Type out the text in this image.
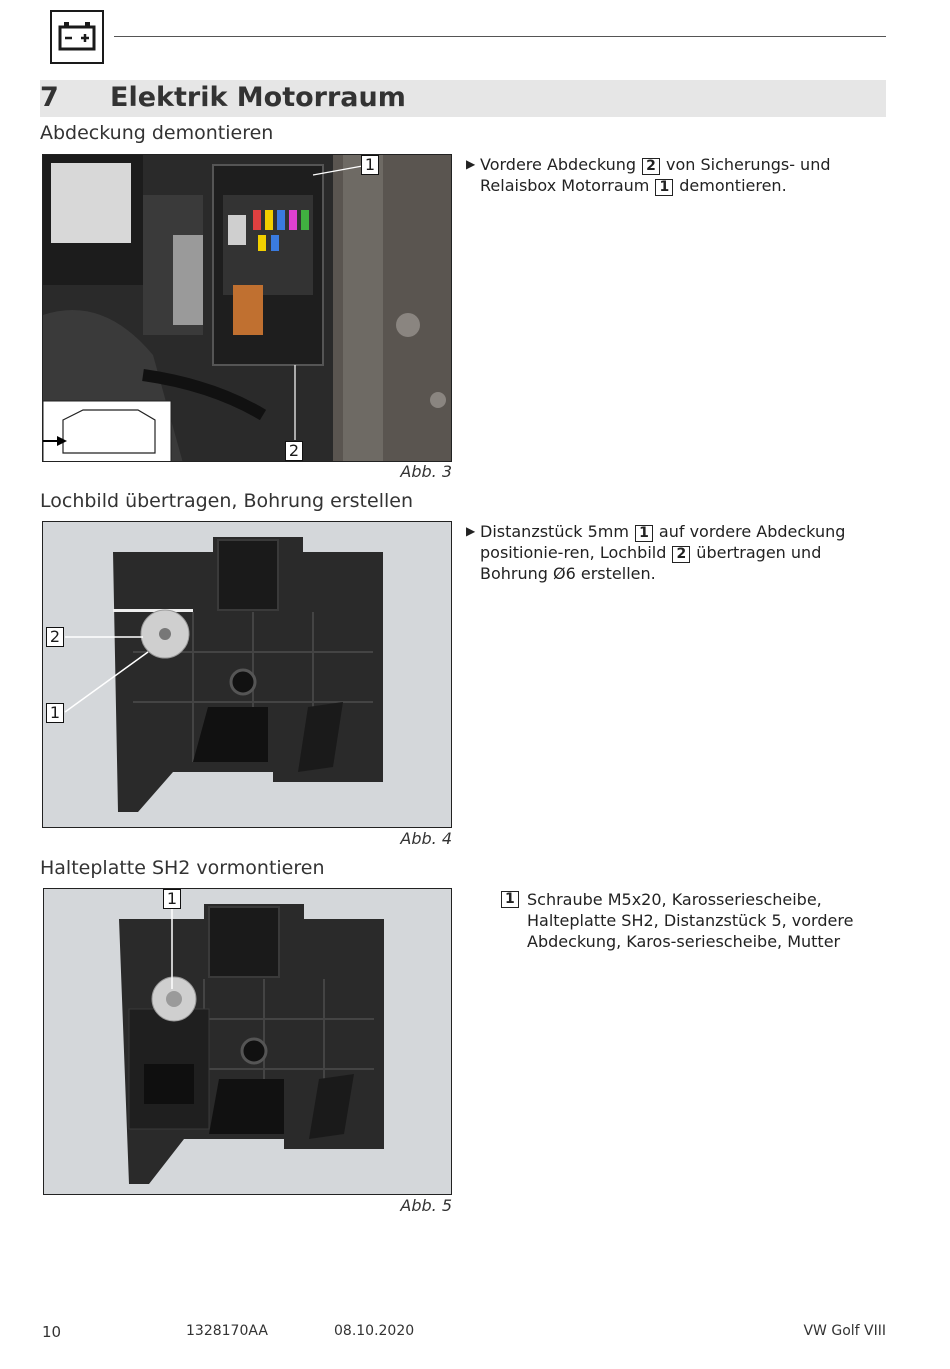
7 Elektrik Motorraum
Abdeckung demontieren
1
2
Abb. 3
▶ Vordere Abdeckung 2 von Sicherungs- und Relaisbox Motorraum 1 demontieren.
Lochbild übertragen, Bohrung erstellen
2
1
Abb. 4
▶ Distanzstück 5mm 1 auf vordere Abdeckung positionie-ren, Lochbild 2 übertragen und Bohrung Ø6 erstellen.
Halteplatte SH2 vormontieren
1
Abb. 5
1 Schraube M5x20, Karosseriescheibe, Halteplatte SH2, Distanzstück 5, vordere Abdeckung, Karos-seriescheibe, Mutter
10	1328170AA	08.10.2020	VW Golf VIII
